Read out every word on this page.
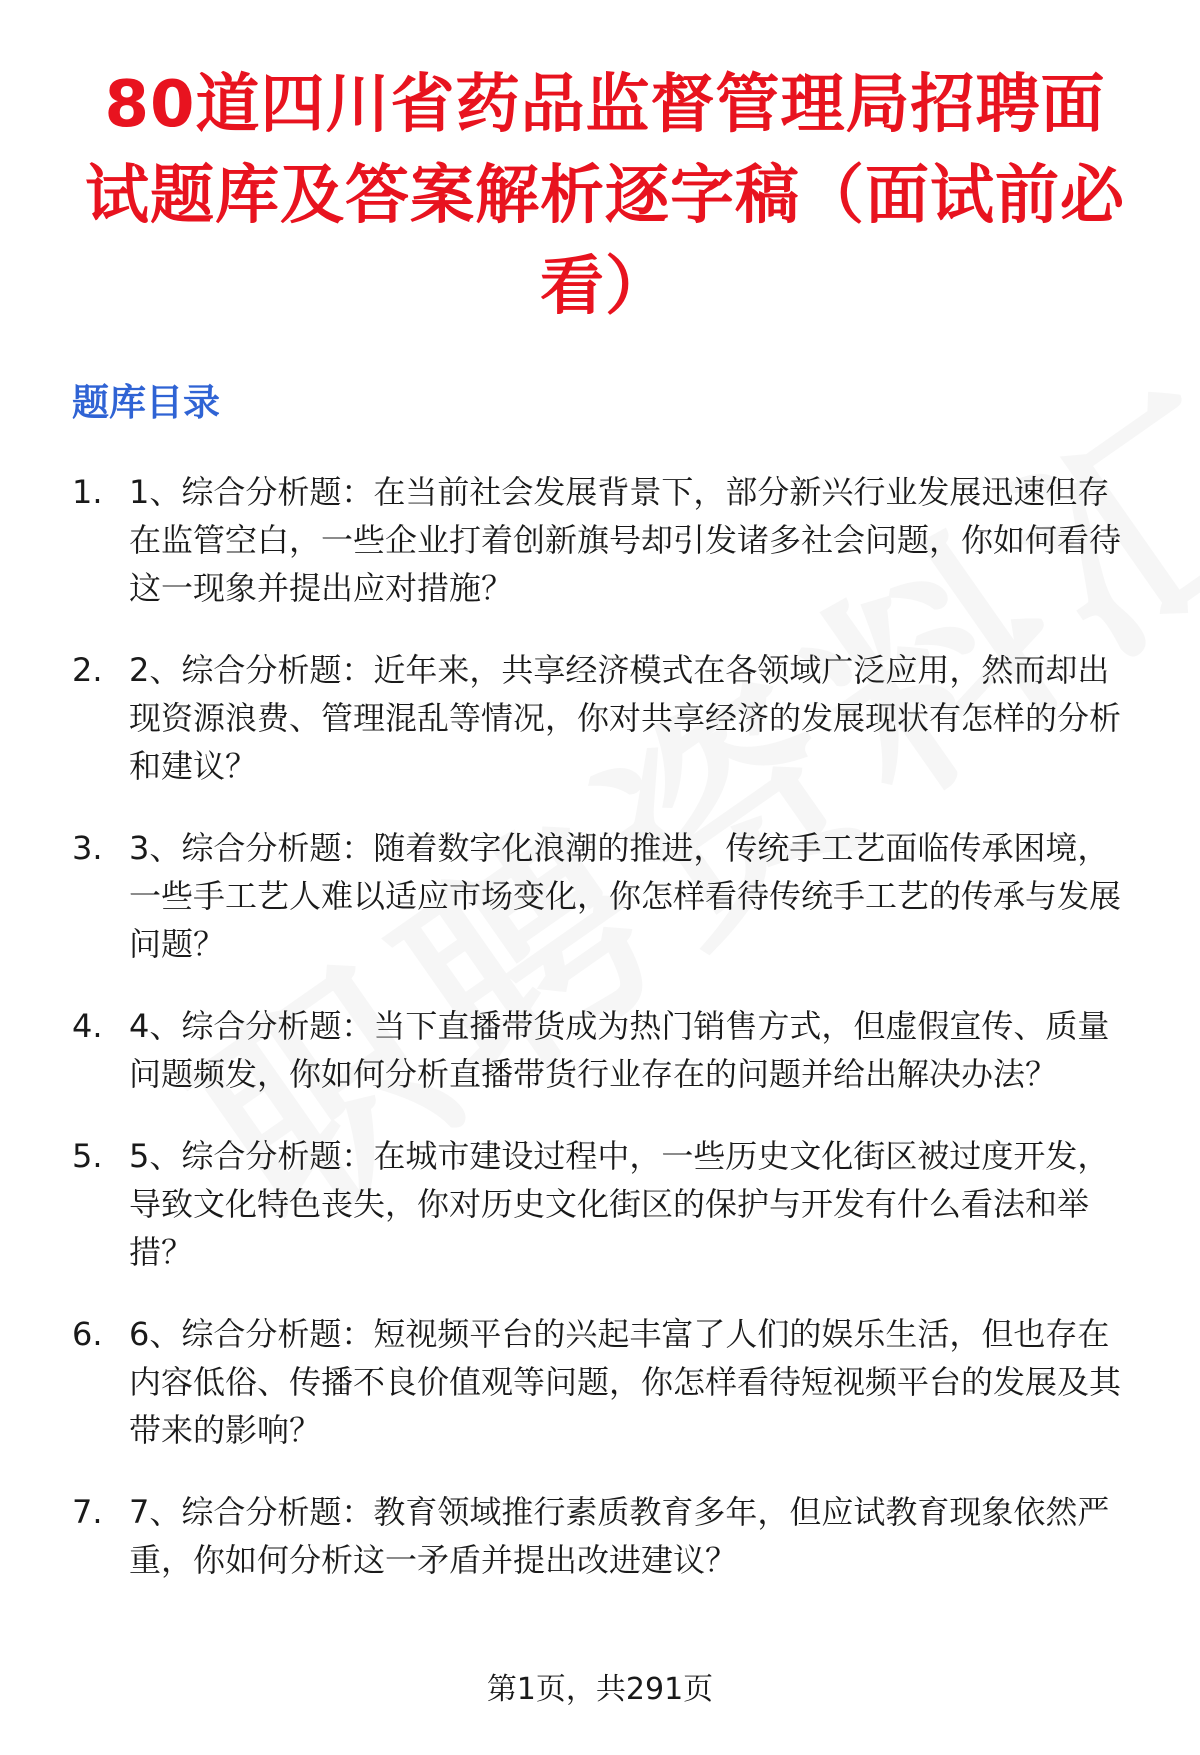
80道四川省药品监督管理局招聘面试题库及答案解析逐字稿（面试前必看）
题库目录
1. 1、综合分析题：在当前社会发展背景下，部分新兴行业发展迅速但存在监管空白，一些企业打着创新旗号却引发诸多社会问题，你如何看待这一现象并提出应对措施？
2. 2、综合分析题：近年来，共享经济模式在各领域广泛应用，然而却出现资源浪费、管理混乱等情况，你对共享经济的发展现状有怎样的分析和建议？
3. 3、综合分析题：随着数字化浪潮的推进，传统手工艺面临传承困境，一些手工艺人难以适应市场变化，你怎样看待传统手工艺的传承与发展问题？
4. 4、综合分析题：当下直播带货成为热门销售方式，但虚假宣传、质量问题频发，你如何分析直播带货行业存在的问题并给出解决办法？
5. 5、综合分析题：在城市建设过程中，一些历史文化街区被过度开发，导致文化特色丧失，你对历史文化街区的保护与开发有什么看法和举措？
6. 6、综合分析题：短视频平台的兴起丰富了人们的娱乐生活，但也存在内容低俗、传播不良价值观等问题，你怎样看待短视频平台的发展及其带来的影响？
7. 7、综合分析题：教育领域推行素质教育多年，但应试教育现象依然严重，你如何分析这一矛盾并提出改进建议？
第1页，共291页
